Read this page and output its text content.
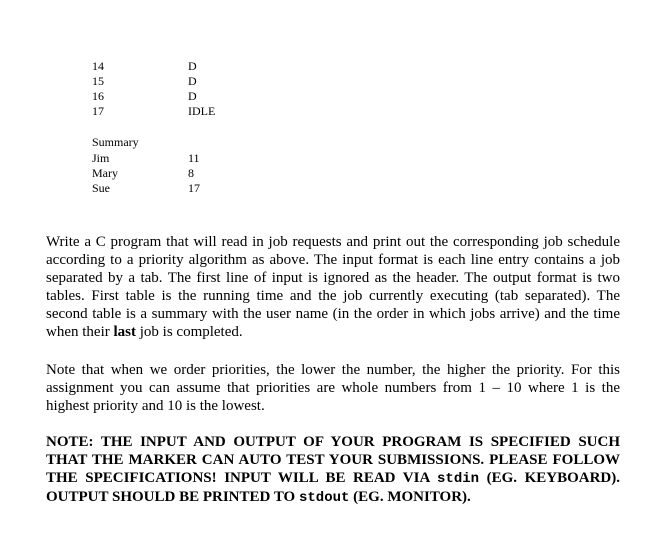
14	D
15	D
16	D
17	IDLE
Summary
Jim	11
Mary	8
Sue	17

Write a C program that will read in job requests and print out the corresponding job schedule according to a priority algorithm as above. The input format is each line entry contains a job separated by a tab. The first line of input is ignored as the header. The output format is two tables. First table is the running time and the job currently executing (tab separated). The second table is a summary with the user name (in the order in which jobs arrive) and the time when their last job is completed.

Note that when we order priorities, the lower the number, the higher the priority. For this assignment you can assume that priorities are whole numbers from 1 – 10 where 1 is the highest priority and 10 is the lowest.

NOTE: THE INPUT AND OUTPUT OF YOUR PROGRAM IS SPECIFIED SUCH THAT THE MARKER CAN AUTO TEST YOUR SUBMISSIONS. PLEASE FOLLOW THE SPECIFICATIONS! INPUT WILL BE READ VIA stdin (EG. KEYBOARD). OUTPUT SHOULD BE PRINTED TO stdout (EG. MONITOR).
